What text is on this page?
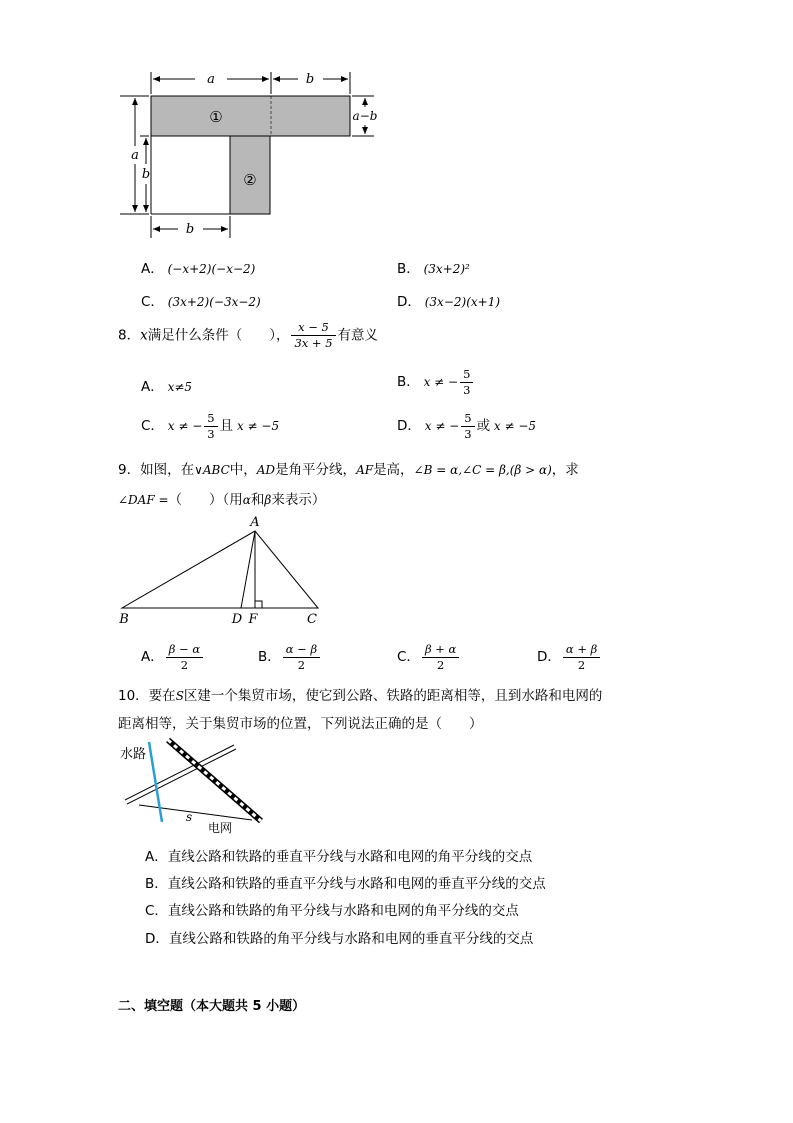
a	b
a−b
a
b
b
①
②
A． (−x+2)(−x−2)	B． (3x+2)²
C． (3x+2)(−3x−2)	D． (3x−2)(x+1)
8．x满足什么条件（　　）， $\frac{x - 5}{3x + 5}$ 有意义
A． x≠5	B． x ≠ − $\frac{5}{3}$
C． x ≠ − $\frac{5}{3}$ 且 x ≠ −5	D． x ≠ − $\frac{5}{3}$ 或 x ≠ −5
9．如图，在∨ABC中，AD是角平分线，AF是高，∠B = α,∠C = β,(β > α)，求
∠DAF =（　　）（用α和β来表示）
A
B	D F	C
A． $\frac{\beta - \alpha}{2}$	B． $\frac{\alpha - \beta}{2}$	C． $\frac{\beta + \alpha}{2}$	D． $\frac{\alpha + \beta}{2}$
10．要在S区建一个集贸市场，使它到公路、铁路的距离相等，且到水路和电网的
距离相等，关于集贸市场的位置，下列说法正确的是（　　）
水路
s
电网
A．直线公路和铁路的垂直平分线与水路和电网的角平分线的交点
B．直线公路和铁路的垂直平分线与水路和电网的垂直平分线的交点
C．直线公路和铁路的角平分线与水路和电网的角平分线的交点
D．直线公路和铁路的角平分线与水路和电网的垂直平分线的交点
二、填空题（本大题共 5 小题）
